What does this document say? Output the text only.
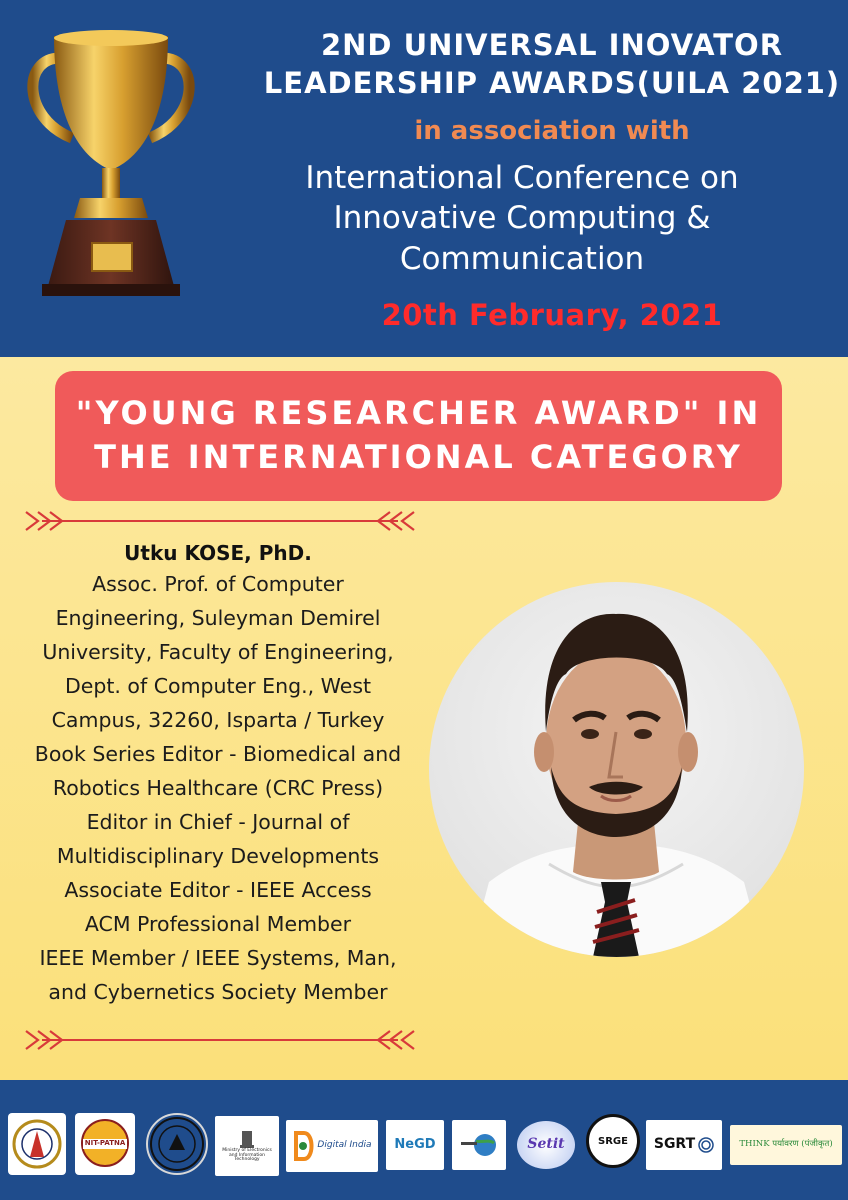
2ND UNIVERSAL INOVATOR
LEADERSHIP AWARDS(UILA 2021)
in association with
International Conference on
Innovative Computing &
Communication
20th February, 2021
"YOUNG RESEARCHER AWARD" IN
THE INTERNATIONAL CATEGORY
Utku KOSE, PhD.
Assoc. Prof. of Computer
Engineering, Suleyman Demirel
University, Faculty of Engineering,
Dept. of Computer Eng., West
Campus, 32260, Isparta / Turkey
Book Series Editor - Biomedical and
Robotics Healthcare (CRC Press)
Editor in Chief - Journal of
Multidisciplinary Developments
Associate Editor - IEEE Access
ACM Professional Member
IEEE Member / IEEE Systems, Man,
and Cybernetics Society Member
NIT-PATNA
Ministry of Electronics and Information Technology
Digital India NeGD	Setit	SRGE SGRT	THINK पर्यावरण (पंजीकृत)
